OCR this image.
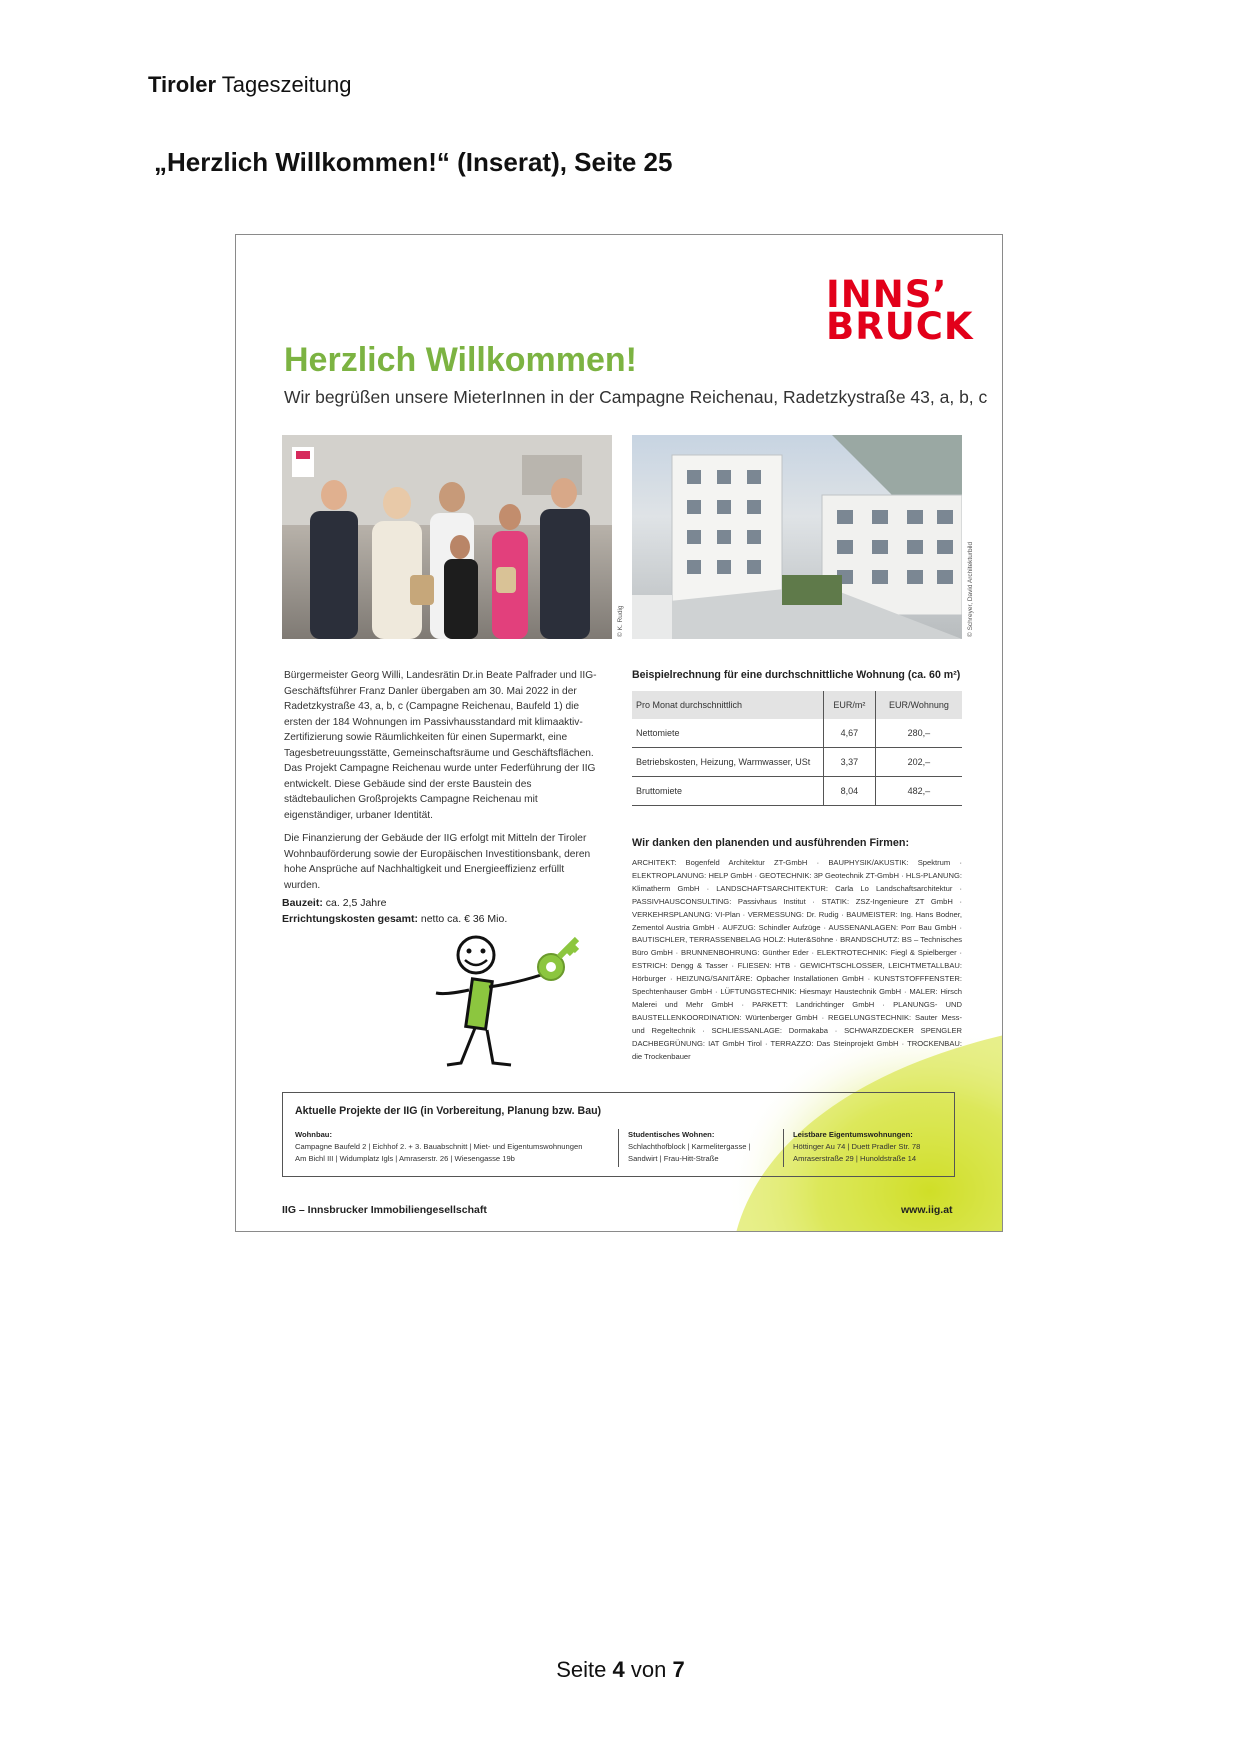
Tiroler Tageszeitung
„Herzlich Willkommen!“ (Inserat), Seite 25
INNS’
BRUCK
Herzlich Willkommen!
Wir begrüßen unsere MieterInnen in der Campagne Reichenau, Radetzkystraße 43, a, b, c
© K. Rudig	© Schreyer, David Architekturbild

Bürgermeister Georg Willi, Landesrätin Dr.in Beate Palfrader und IIG-Geschäftsführer Franz Danler übergaben am 30. Mai 2022 in der Radetzkystraße 43, a, b, c (Campagne Reichenau, Baufeld 1) die ersten der 184 Wohnungen im Passivhausstandard mit klimaaktiv-Zertifizierung sowie Räumlichkeiten für einen Supermarkt, eine Tagesbetreuungsstätte, Gemeinschaftsräume und Geschäftsflächen. Das Projekt Campagne Reichenau wurde unter Federführung der IIG entwickelt. Diese Gebäude sind der erste Baustein des städtebaulichen Großprojekts Campagne Reichenau mit eigenständiger, urbaner Identität.

Die Finanzierung der Gebäude der IIG erfolgt mit Mitteln der Tiroler Wohnbauförderung sowie der Europäischen Investitionsbank, deren hohe Ansprüche auf Nachhaltigkeit und Energieeffizienz erfüllt wurden.

Bauzeit: ca. 2,5 Jahre
Errichtungskosten gesamt: netto ca. € 36 Mio.
Beispielrechnung für eine durchschnittliche Wohnung (ca. 60 m²)
Pro Monat durchschnittlich	EUR/m²	EUR/Wohnung
Nettomiete	4,67	280,–
Betriebskosten, Heizung, Warmwasser, USt	3,37	202,–
Bruttomiete	8,04	482,–
Wir danken den planenden und ausführenden Firmen:
ARCHITEKT: Bogenfeld Architektur ZT-GmbH · BAUPHYSIK/AKUSTIK: Spektrum · ELEKTROPLANUNG: HELP GmbH · GEOTECHNIK: 3P Geotechnik ZT-GmbH · HLS-PLANUNG: Klimatherm GmbH · LANDSCHAFTSARCHITEKTUR: Carla Lo Landschaftsarchitektur · PASSIVHAUSCONSULTING: Passivhaus Institut · STATIK: ZSZ-Ingenieure ZT GmbH · VERKEHRSPLANUNG: VI-Plan · VERMESSUNG: Dr. Rudig · BAUMEISTER: Ing. Hans Bodner, Zementol Austria GmbH · AUFZUG: Schindler Aufzüge · AUSSENANLAGEN: Porr Bau GmbH · BAUTISCHLER, TERRASSENBELAG HOLZ: Huter&Söhne · BRANDSCHUTZ: BS – Technisches Büro GmbH · BRUNNENBOHRUNG: Günther Eder · ELEKTROTECHNIK: Fiegl & Spielberger · ESTRICH: Dengg & Tasser · FLIESEN: HTB · GEWICHTSCHLOSSER, LEICHTMETALLBAU: Hörburger · HEIZUNG/SANITÄRE: Opbacher Installationen GmbH · KUNSTSTOFFFENSTER: Spechtenhauser GmbH · LÜFTUNGSTECHNIK: Hiesmayr Haustechnik GmbH · MALER: Hirsch Malerei und Mehr GmbH · PARKETT: Landrichtinger GmbH · PLANUNGS- UND BAUSTELLENKOORDINATION: Würtenberger GmbH · REGELUNGSTECHNIK: Sauter Mess- und Regeltechnik · SCHLIESSANLAGE: Dormakaba · SCHWARZDECKER SPENGLER DACHBEGRÜNUNG: IAT GmbH Tirol · TERRAZZO: Das Steinprojekt GmbH · TROCKENBAU: die Trockenbauer
Aktuelle Projekte der IIG (in Vorbereitung, Planung bzw. Bau)
Wohnbau:
Campagne Baufeld 2 | Eichhof 2. + 3. Bauabschnitt | Miet- und Eigentumswohnungen Am Bichl III | Widumplatz Igls | Amraserstr. 26 | Wiesengasse 19b
Studentisches Wohnen:
Schlachthofblock | Karmelitergasse | Sandwirt | Frau-Hitt-Straße
Leistbare Eigentumswohnungen:
Höttinger Au 74 | Duett Pradler Str. 78 Amraserstraße 29 | Hunoldstraße 14
IIG – Innsbrucker Immobiliengesellschaft	www.iig.at
Seite 4 von 7
